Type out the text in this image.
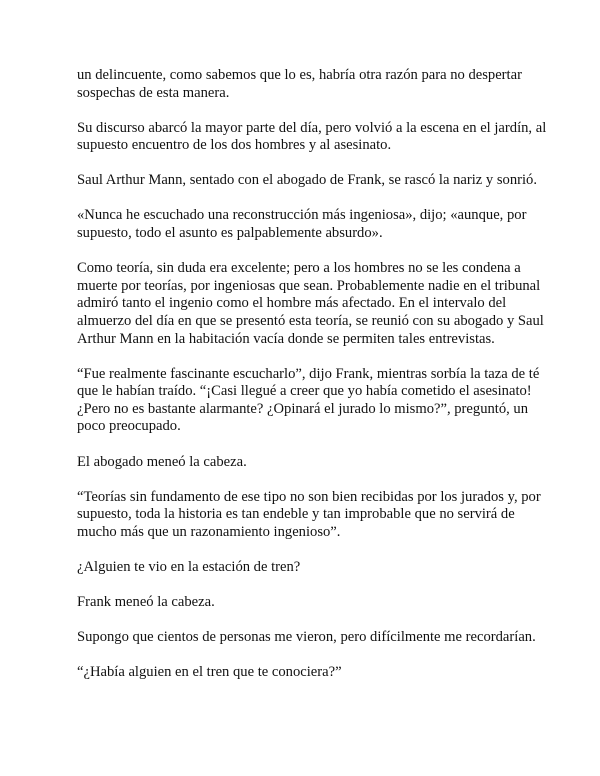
un delincuente, como sabemos que lo es, habría otra razón para no despertar sospechas de esta manera.

Su discurso abarcó la mayor parte del día, pero volvió a la escena en el jardín, al supuesto encuentro de los dos hombres y al asesinato.

Saul Arthur Mann, sentado con el abogado de Frank, se rascó la nariz y sonrió.

«Nunca he escuchado una reconstrucción más ingeniosa», dijo; «aunque, por supuesto, todo el asunto es palpablemente absurdo».

Como teoría, sin duda era excelente; pero a los hombres no se les condena a muerte por teorías, por ingeniosas que sean. Probablemente nadie en el tribunal admiró tanto el ingenio como el hombre más afectado. En el intervalo del almuerzo del día en que se presentó esta teoría, se reunió con su abogado y Saul Arthur Mann en la habitación vacía donde se permiten tales entrevistas.

“Fue realmente fascinante escucharlo”, dijo Frank, mientras sorbía la taza de té que le habían traído. “¡Casi llegué a creer que yo había cometido el asesinato! ¿Pero no es bastante alarmante? ¿Opinará el jurado lo mismo?”, preguntó, un poco preocupado.

El abogado meneó la cabeza.

“Teorías sin fundamento de ese tipo no son bien recibidas por los jurados y, por supuesto, toda la historia es tan endeble y tan improbable que no servirá de mucho más que un razonamiento ingenioso”.

¿Alguien te vio en la estación de tren?

Frank meneó la cabeza.

Supongo que cientos de personas me vieron, pero difícilmente me recordarían.

“¿Había alguien en el tren que te conociera?”
